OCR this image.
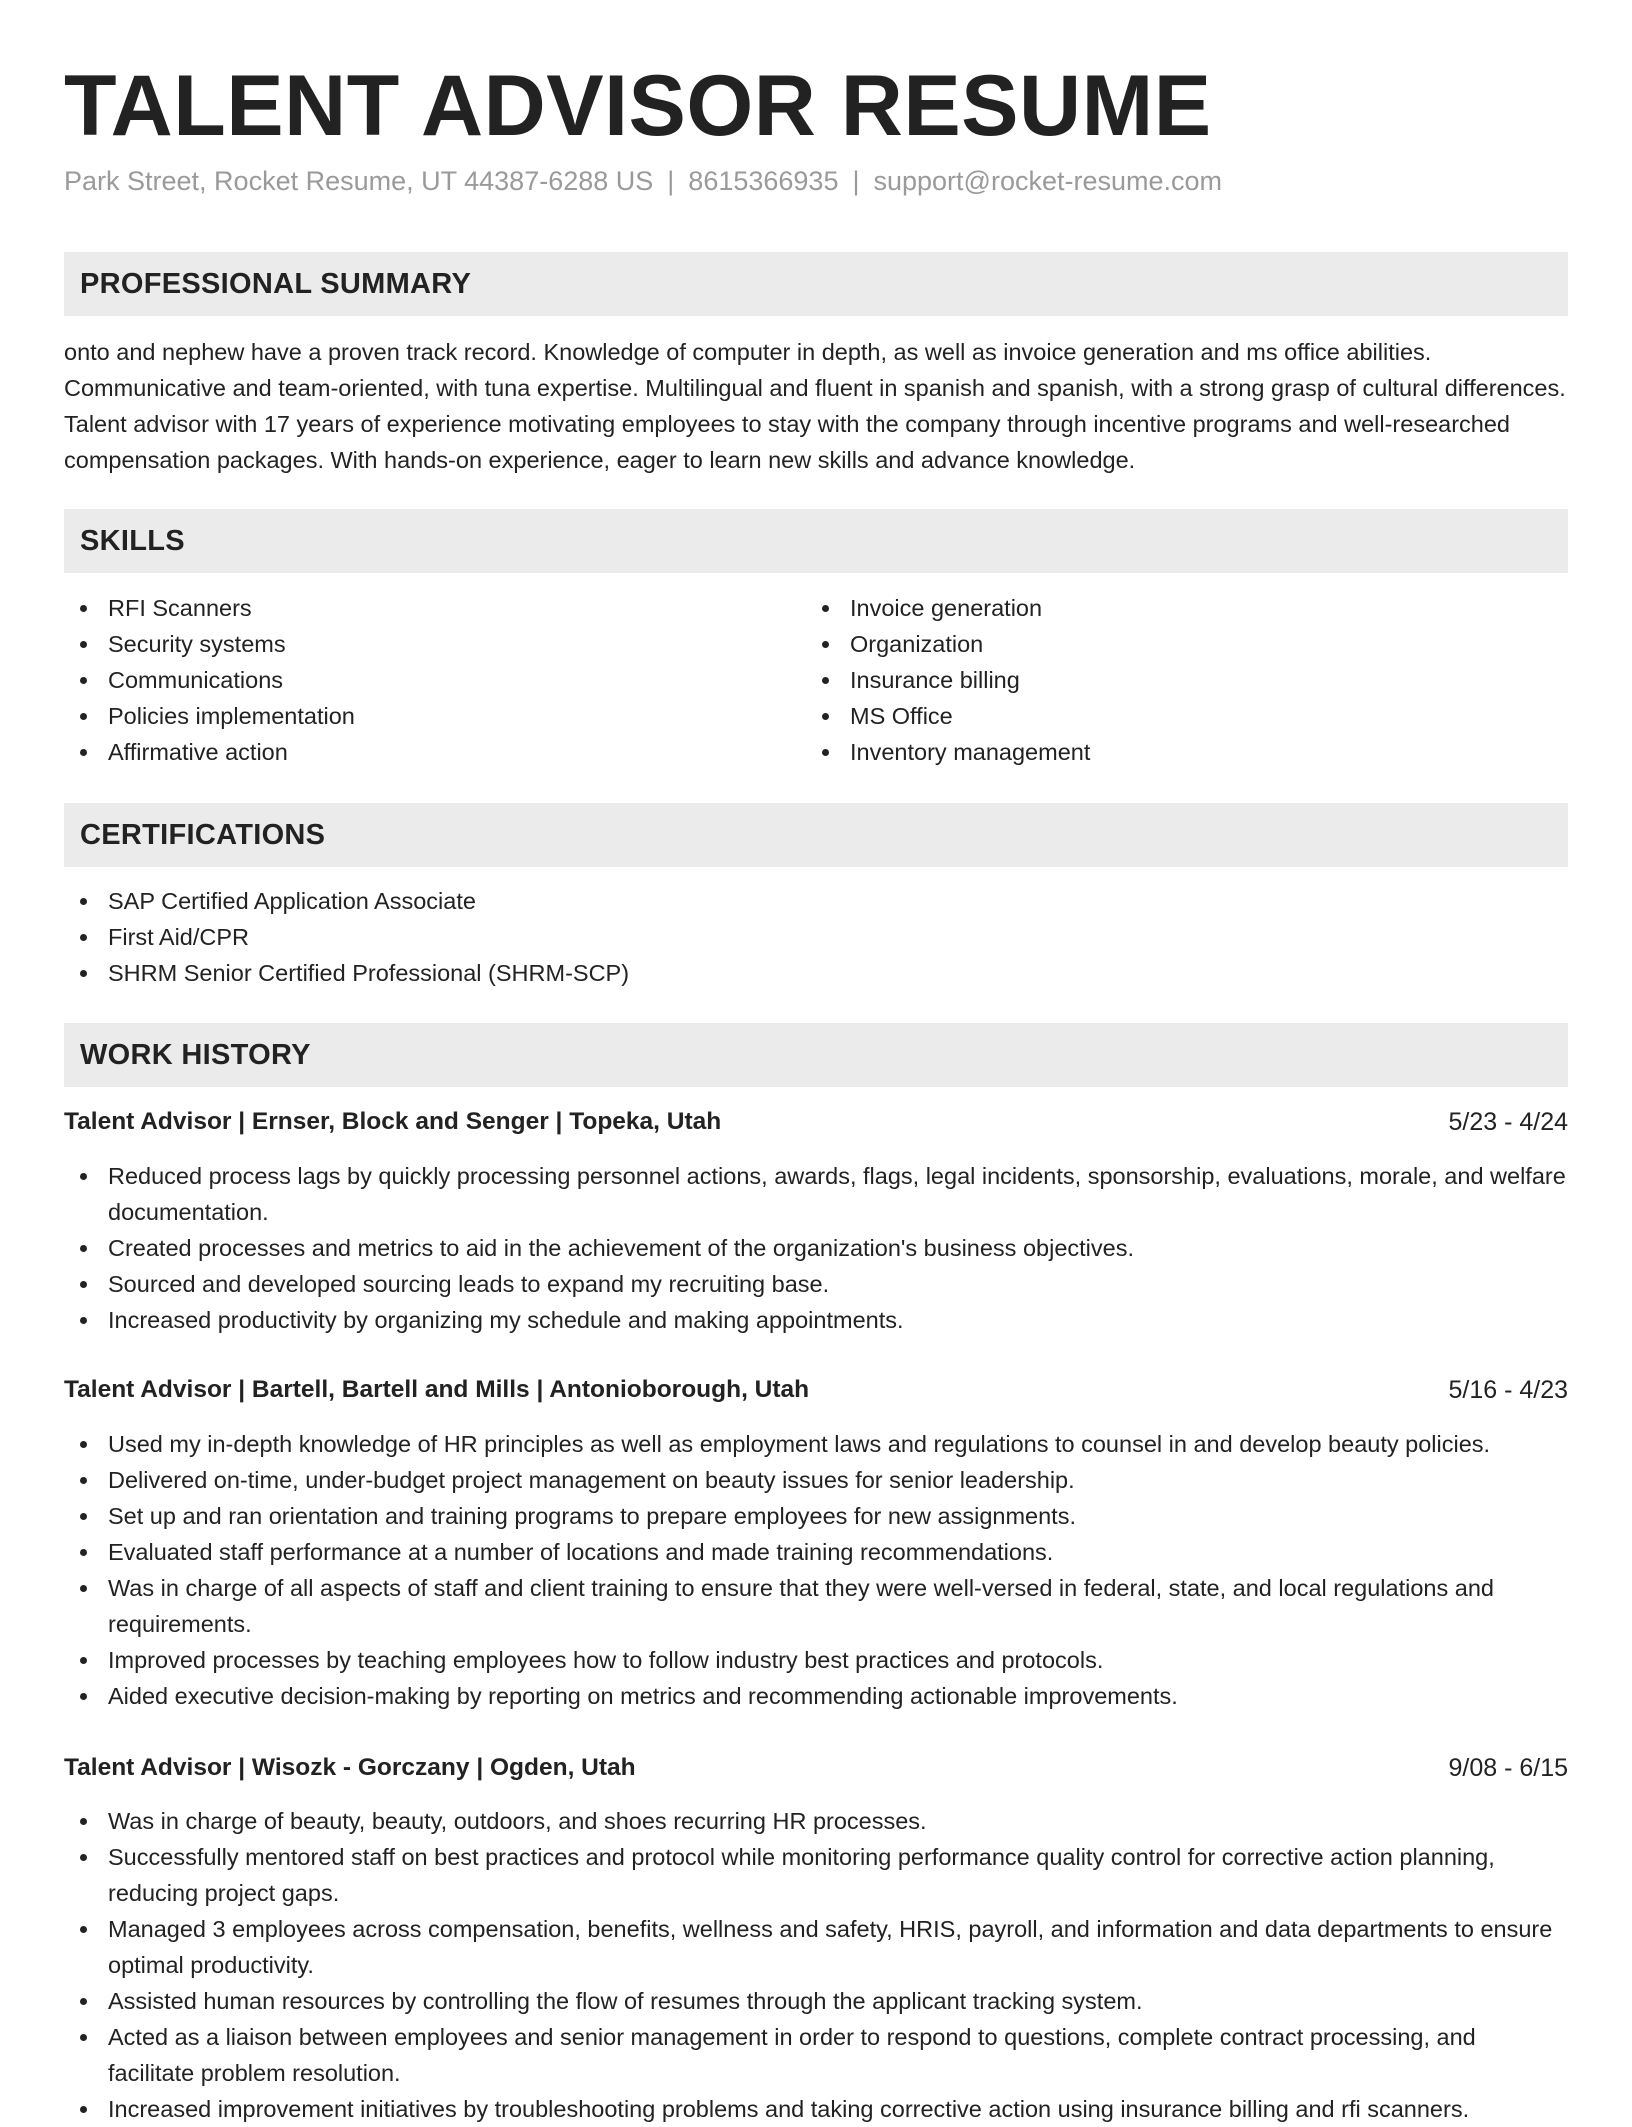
TALENT ADVISOR RESUME
Park Street, Rocket Resume, UT 44387-6288 US | 8615366935 | support@rocket-resume.com
PROFESSIONAL SUMMARY

onto and nephew have a proven track record. Knowledge of computer in depth, as well as invoice generation and ms office abilities. Communicative and team-oriented, with tuna expertise. Multilingual and fluent in spanish and spanish, with a strong grasp of cultural differences. Talent advisor with 17 years of experience motivating employees to stay with the company through incentive programs and well-researched compensation packages. With hands-on experience, eager to learn new skills and advance knowledge.

SKILLS
RFI Scanners
Security systems
Communications
Policies implementation
Affirmative action
Invoice generation
Organization
Insurance billing
MS Office
Inventory management
CERTIFICATIONS
SAP Certified Application Associate
First Aid/CPR
SHRM Senior Certified Professional (SHRM-SCP)
WORK HISTORY
Talent Advisor | Ernser, Block and Senger | Topeka, Utah	5/23 - 4/24
Reduced process lags by quickly processing personnel actions, awards, flags, legal incidents, sponsorship, evaluations, morale, and welfare documentation.
Created processes and metrics to aid in the achievement of the organization's business objectives.
Sourced and developed sourcing leads to expand my recruiting base.
Increased productivity by organizing my schedule and making appointments.
Talent Advisor | Bartell, Bartell and Mills | Antonioborough, Utah	5/16 - 4/23
Used my in-depth knowledge of HR principles as well as employment laws and regulations to counsel in and develop beauty policies.
Delivered on-time, under-budget project management on beauty issues for senior leadership.
Set up and ran orientation and training programs to prepare employees for new assignments.
Evaluated staff performance at a number of locations and made training recommendations.
Was in charge of all aspects of staff and client training to ensure that they were well-versed in federal, state, and local regulations and requirements.
Improved processes by teaching employees how to follow industry best practices and protocols.
Aided executive decision-making by reporting on metrics and recommending actionable improvements.
Talent Advisor | Wisozk - Gorczany | Ogden, Utah	9/08 - 6/15
Was in charge of beauty, beauty, outdoors, and shoes recurring HR processes.
Successfully mentored staff on best practices and protocol while monitoring performance quality control for corrective action planning, reducing project gaps.
Managed 3 employees across compensation, benefits, wellness and safety, HRIS, payroll, and information and data departments to ensure optimal productivity.
Assisted human resources by controlling the flow of resumes through the applicant tracking system.
Acted as a liaison between employees and senior management in order to respond to questions, complete contract processing, and facilitate problem resolution.
Increased improvement initiatives by troubleshooting problems and taking corrective action using insurance billing and rfi scanners.
